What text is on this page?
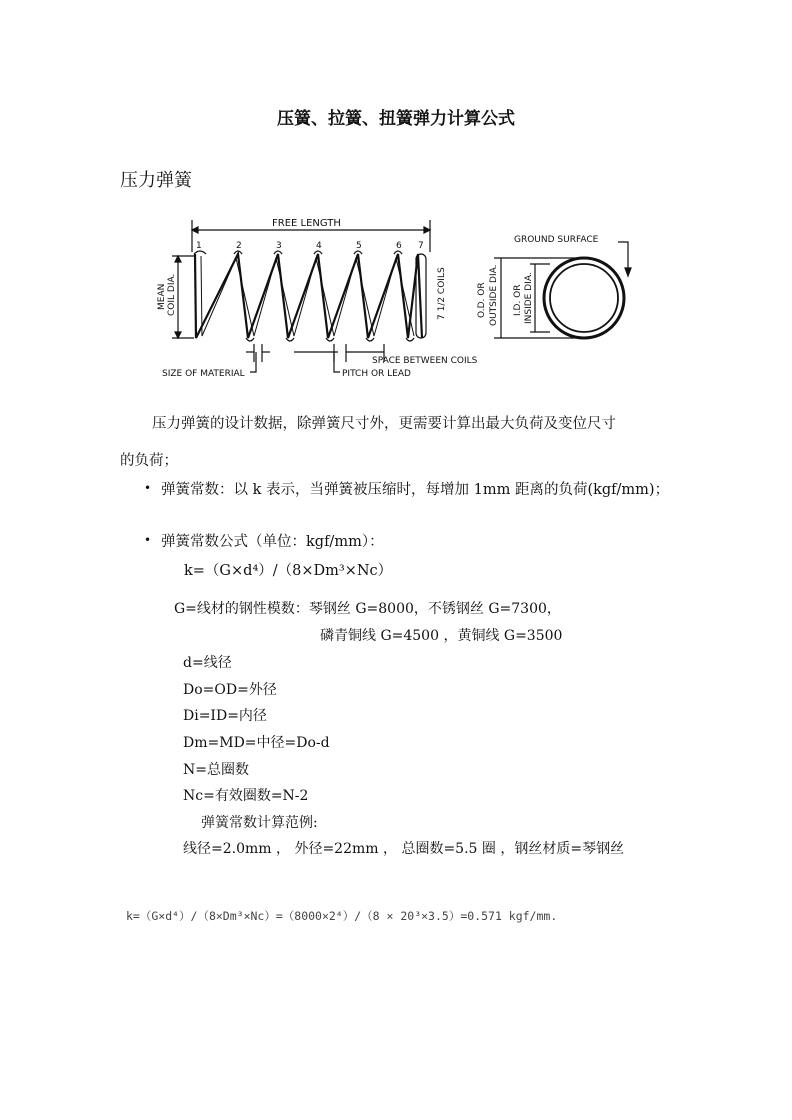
压簧、拉簧、扭簧弹力计算公式
压力弹簧
FREE LENGTH
1	2	3	4	5	6 7
MEAN COIL DIA.	7 1/2 COILS
SIZE OF MATERIAL	PITCH OR LEAD
SPACE BETWEEN COILS
O.D. OR OUTSIDE DIA. I.D. OR INSIDE DIA.
GROUND SURFACE
压力弹簧的设计数据，除弹簧尺寸外，更需要计算出最大负荷及变位尺寸
的负荷；
• 弹簧常数：以 k 表示，当弹簧被压缩时，每增加 1mm 距离的负荷(kgf/mm)；
• 弹簧常数公式（单位：kgf/mm）：
k=（G×d⁴）/（8×Dm³×Nc）
G=线材的钢性模数：琴钢丝 G=8000，不锈钢丝 G=7300，
磷青铜线 G=4500 ，黄铜线 G=3500
d=线径
Do=OD=外径
Di=ID=内径
Dm=MD=中径=Do-d
N=总圈数
Nc=有效圈数=N-2
弹簧常数计算范例:
线径=2.0mm ， 外径=22mm ， 总圈数=5.5 圈 ，钢丝材质=琴钢丝
k=（G×d⁴）/（8×Dm³×Nc）=（8000×2⁴）/（8 × 20³×3.5）=0.571 kgf/mm.
